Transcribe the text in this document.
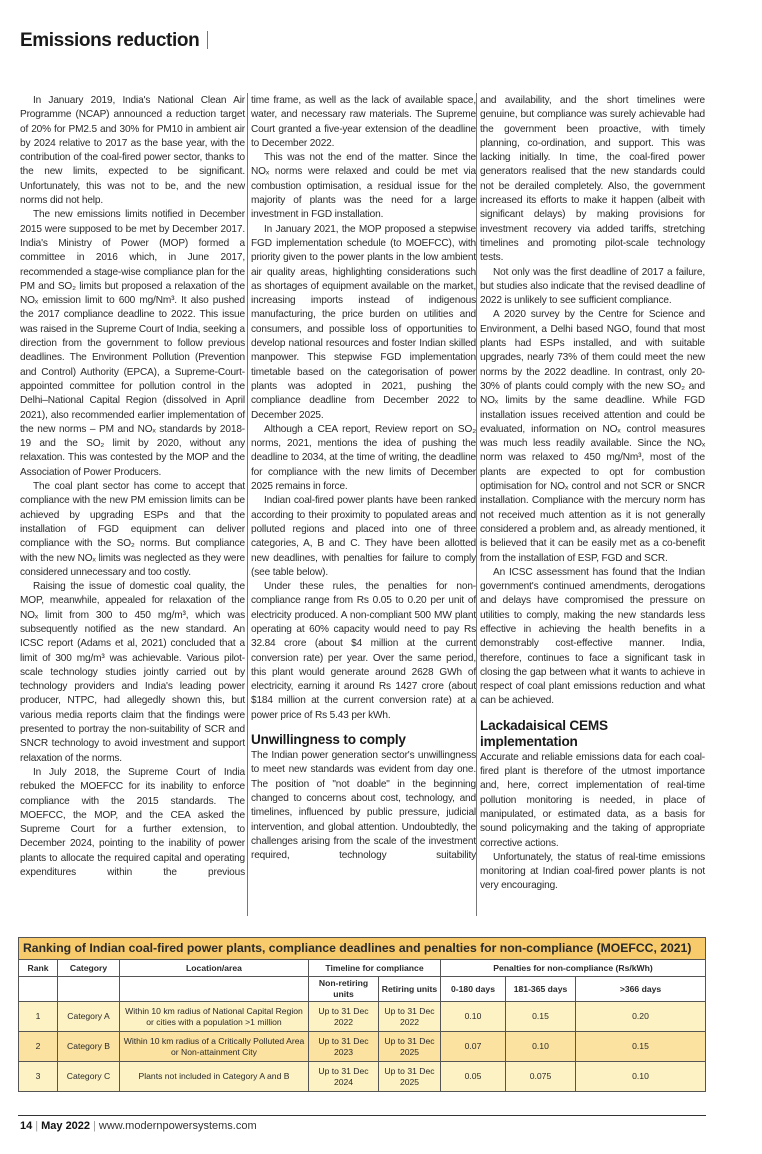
Emissions reduction

In January 2019, India's National Clean Air Programme (NCAP) announced a reduction target of 20% for PM2.5 and 30% for PM10 in ambient air by 2024 relative to 2017 as the base year, with the contribution of the coal-fired power sector, thanks to the new limits, expected to be significant. Unfortunately, this was not to be, and the new norms did not help.

The new emissions limits notified in December 2015 were supposed to be met by December 2017. India's Ministry of Power (MOP) formed a committee in 2016 which, in June 2017, recommended a stage-wise compliance plan for the PM and SO₂ limits but proposed a relaxation of the NOₓ emission limit to 600 mg/Nm³. It also pushed the 2017 compliance deadline to 2022. This issue was raised in the Supreme Court of India, seeking a direction from the government to follow previous deadlines. The Environment Pollution (Prevention and Control) Authority (EPCA), a Supreme-Court-appointed committee for pollution control in the Delhi–National Capital Region (dissolved in April 2021), also recommended earlier implementation of the new norms – PM and NOₓ standards by 2018-19 and the SO₂ limit by 2020, without any relaxation. This was contested by the MOP and the Association of Power Producers.

The coal plant sector has come to accept that compliance with the new PM emission limits can be achieved by upgrading ESPs and that the installation of FGD equipment can deliver compliance with the SO₂ norms. But compliance with the new NOₓ limits was neglected as they were considered unnecessary and too costly.

Raising the issue of domestic coal quality, the MOP, meanwhile, appealed for relaxation of the NOₓ limit from 300 to 450 mg/m³, which was subsequently notified as the new standard. An ICSC report (Adams et al, 2021) concluded that a limit of 300 mg/m³ was achievable. Various pilot-scale technology studies jointly carried out by technology providers and India's leading power producer, NTPC, had allegedly shown this, but various media reports claim that the findings were presented to portray the non-suitability of SCR and SNCR technology to avoid investment and support relaxation of the norms.

In July 2018, the Supreme Court of India rebuked the MOEFCC for its inability to enforce compliance with the 2015 standards. The MOEFCC, the MOP, and the CEA asked the Supreme Court for a further extension, to December 2024, pointing to the inability of power plants to allocate the required capital and operating expenditures within the previous

time frame, as well as the lack of available space, water, and necessary raw materials. The Supreme Court granted a five-year extension of the deadline to December 2022.

This was not the end of the matter. Since the NOₓ norms were relaxed and could be met via combustion optimisation, a residual issue for the majority of plants was the need for a large investment in FGD installation.

In January 2021, the MOP proposed a stepwise FGD implementation schedule (to MOEFCC), with priority given to the power plants in the low ambient air quality areas, highlighting considerations such as shortages of equipment available on the market, increasing imports instead of indigenous manufacturing, the price burden on utilities and consumers, and possible loss of opportunities to develop national resources and foster Indian skilled manpower. This stepwise FGD implementation timetable based on the categorisation of power plants was adopted in 2021, pushing the compliance deadline from December 2022 to December 2025.

Although a CEA report, Review report on SO₂ norms, 2021, mentions the idea of pushing the deadline to 2034, at the time of writing, the deadline for compliance with the new limits of December 2025 remains in force.

Indian coal-fired power plants have been ranked according to their proximity to populated areas and polluted regions and placed into one of three categories, A, B and C. They have been allotted new deadlines, with penalties for failure to comply (see table below).

Under these rules, the penalties for non-compliance range from Rs 0.05 to 0.20 per unit of electricity produced. A non-compliant 500 MW plant operating at 60% capacity would need to pay Rs 32.84 crore (about $4 million at the current conversion rate) per year. Over the same period, this plant would generate around 2628 GWh of electricity, earning it around Rs 1427 crore (about $184 million at the current conversion rate) at a power price of Rs 5.43 per kWh.

Unwillingness to comply

The Indian power generation sector's unwillingness to meet new standards was evident from day one. The position of "not doable" in the beginning changed to concerns about cost, technology, and timelines, influenced by public pressure, judicial intervention, and global attention. Undoubtedly, the challenges arising from the scale of the investment required, technology suitability

and availability, and the short timelines were genuine, but compliance was surely achievable had the government been proactive, with timely planning, co-ordination, and support. This was lacking initially. In time, the coal-fired power generators realised that the new standards could not be derailed completely. Also, the government increased its efforts to make it happen (albeit with significant delays) by making provisions for investment recovery via added tariffs, stretching timelines and promoting pilot-scale technology tests.

Not only was the first deadline of 2017 a failure, but studies also indicate that the revised deadline of 2022 is unlikely to see sufficient compliance.

A 2020 survey by the Centre for Science and Environment, a Delhi based NGO, found that most plants had ESPs installed, and with suitable upgrades, nearly 73% of them could meet the new norms by the 2022 deadline. In contrast, only 20-30% of plants could comply with the new SO₂ and NOₓ limits by the same deadline. While FGD installation issues received attention and could be evaluated, information on NOₓ control measures was much less readily available. Since the NOₓ norm was relaxed to 450 mg/Nm³, most of the plants are expected to opt for combustion optimisation for NOₓ control and not SCR or SNCR installation. Compliance with the mercury norm has not received much attention as it is not generally considered a problem and, as already mentioned, it is believed that it can be easily met as a co-benefit from the installation of ESP, FGD and SCR.

An ICSC assessment has found that the Indian government's continued amendments, derogations and delays have compromised the pressure on utilities to comply, making the new standards less effective in achieving the health benefits in a demonstrably cost-effective manner. India, therefore, continues to face a significant task in closing the gap between what it wants to achieve in respect of coal plant emissions reduction and what can be achieved.

Lackadaisical CEMS implementation

Accurate and reliable emissions data for each coal-fired plant is therefore of the utmost importance and, here, correct implementation of real-time pollution monitoring is needed, in place of manipulated, or estimated data, as a basis for sound policymaking and the taking of appropriate corrective actions.

Unfortunately, the status of real-time emissions monitoring at Indian coal-fired power plants is not very encouraging.

Ranking of Indian coal-fired power plants, compliance deadlines and penalties for non-compliance (MOEFCC, 2021)							
Rank	Category	Location/area	Timeline for compliance		Penalties for non-compliance (Rs/kWh)		
			Non-retiring units	Retiring units	0-180 days	181-365 days	>366 days
1	Category A	Within 10 km radius of National Capital Region or cities with a population >1 million	Up to 31 Dec 2022	Up to 31 Dec 2022	0.10	0.15	0.20
2	Category B	Within 10 km radius of a Critically Polluted Area or Non-attainment City	Up to 31 Dec 2023	Up to 31 Dec 2025	0.07	0.10	0.15
3	Category C	Plants not included in Category A and B	Up to 31 Dec 2024	Up to 31 Dec 2025	0.05	0.075	0.10
14 | May 2022 | www.modernpowersystems.com
